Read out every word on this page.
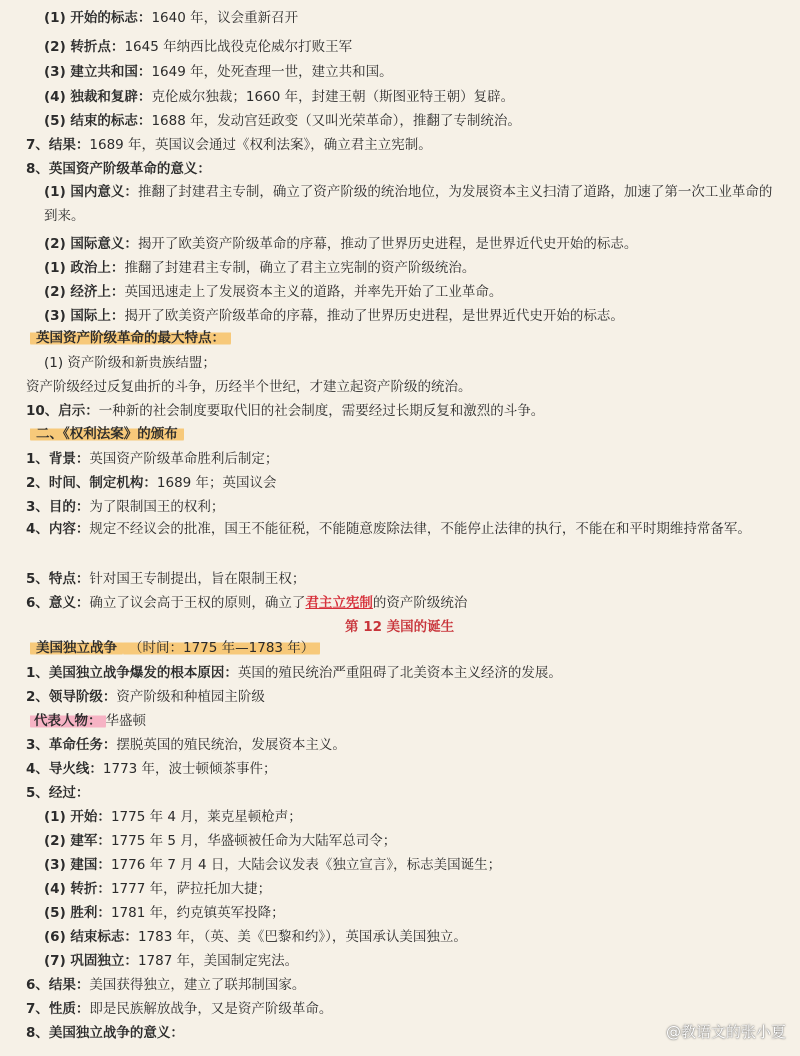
(1) 开始的标志：1640 年，议会重新召开
(2) 转折点：1645 年纳西比战役克伦威尔打败王军
(3) 建立共和国：1649 年，处死查理一世，建立共和国。
(4) 独裁和复辟：克伦威尔独裁；1660 年，封建王朝（斯图亚特王朝）复辟。
(5) 结束的标志：1688 年，发动宫廷政变（又叫光荣革命），推翻了专制统治。
7、结果：1689 年，英国议会通过《权利法案》，确立君主立宪制。
8、英国资产阶级革命的意义：
(1) 国内意义：推翻了封建君主专制，确立了资产阶级的统治地位，为发展资本主义扫清了道路，加速了第一次工业革命的到来。
(2) 国际意义：揭开了欧美资产阶级革命的序幕，推动了世界历史进程，是世界近代史开始的标志。
(1) 政治上：推翻了封建君主专制，确立了君主立宪制的资产阶级统治。
(2) 经济上：英国迅速走上了发展资本主义的道路，并率先开始了工业革命。
(3) 国际上：揭开了欧美资产阶级革命的序幕，推动了世界历史进程，是世界近代史开始的标志。
英国资产阶级革命的最大特点：
(1) 资产阶级和新贵族结盟；
资产阶级经过反复曲折的斗争，历经半个世纪，才建立起资产阶级的统治。
10、启示：一种新的社会制度要取代旧的社会制度，需要经过长期反复和激烈的斗争。
二、《权利法案》的颁布
1、背景：英国资产阶级革命胜利后制定；
2、时间、制定机构：1689 年；英国议会
3、目的：为了限制国王的权利；
4、内容：规定不经议会的批准，国王不能征税，不能随意废除法律，不能停止法律的执行，不能在和平时期维持常备军。
5、特点：针对国王专制提出，旨在限制王权；
6、意义：确立了议会高于王权的原则，确立了君主立宪制的资产阶级统治
第 12 美国的诞生
美国独立战争 （时间：1775 年—1783 年）
1、美国独立战争爆发的根本原因：英国的殖民统治严重阻碍了北美资本主义经济的发展。
2、领导阶级：资产阶级和种植园主阶级
代表人物： 华盛顿
3、革命任务：摆脱英国的殖民统治，发展资本主义。
4、导火线：1773 年，波士顿倾茶事件；
5、经过：
(1) 开始：1775 年 4 月，莱克星顿枪声；
(2) 建军：1775 年 5 月，华盛顿被任命为大陆军总司令；
(3) 建国：1776 年 7 月 4 日，大陆会议发表《独立宣言》，标志美国诞生；
(4) 转折：1777 年，萨拉托加大捷；
(5) 胜利：1781 年，约克镇英军投降；
(6) 结束标志：1783 年，（英、美《巴黎和约》），英国承认美国独立。
(7) 巩固独立：1787 年，美国制定宪法。
6、结果：美国获得独立，建立了联邦制国家。
7、性质：即是民族解放战争，又是资产阶级革命。
8、美国独立战争的意义：	@教语文的张小夏
